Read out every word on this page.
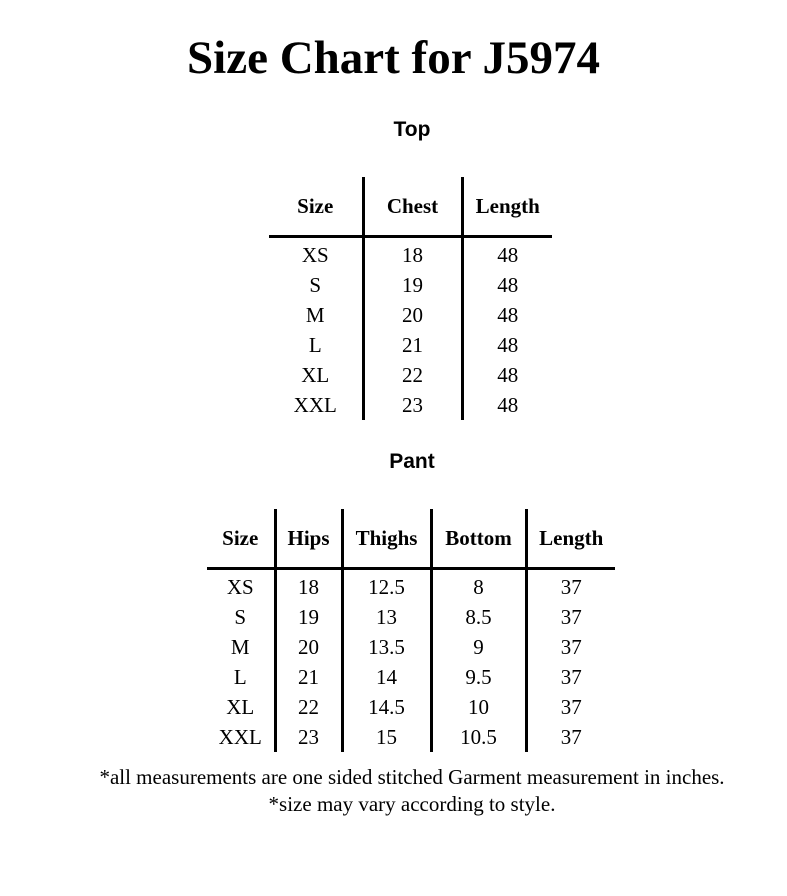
Size Chart for J5974
Top
Size	Chest	Length
XS	18	48
S	19	48
M	20	48
L	21	48
XL	22	48
XXL	23	48
Pant
Size	Hips	Thighs	Bottom	Length
XS	18	12.5	8	37
S	19	13	8.5	37
M	20	13.5	9	37
L	21	14	9.5	37
XL	22	14.5	10	37
XXL	23	15	10.5	37

*all measurements are one sided stitched Garment measurement in inches.

*size may vary according to style.
